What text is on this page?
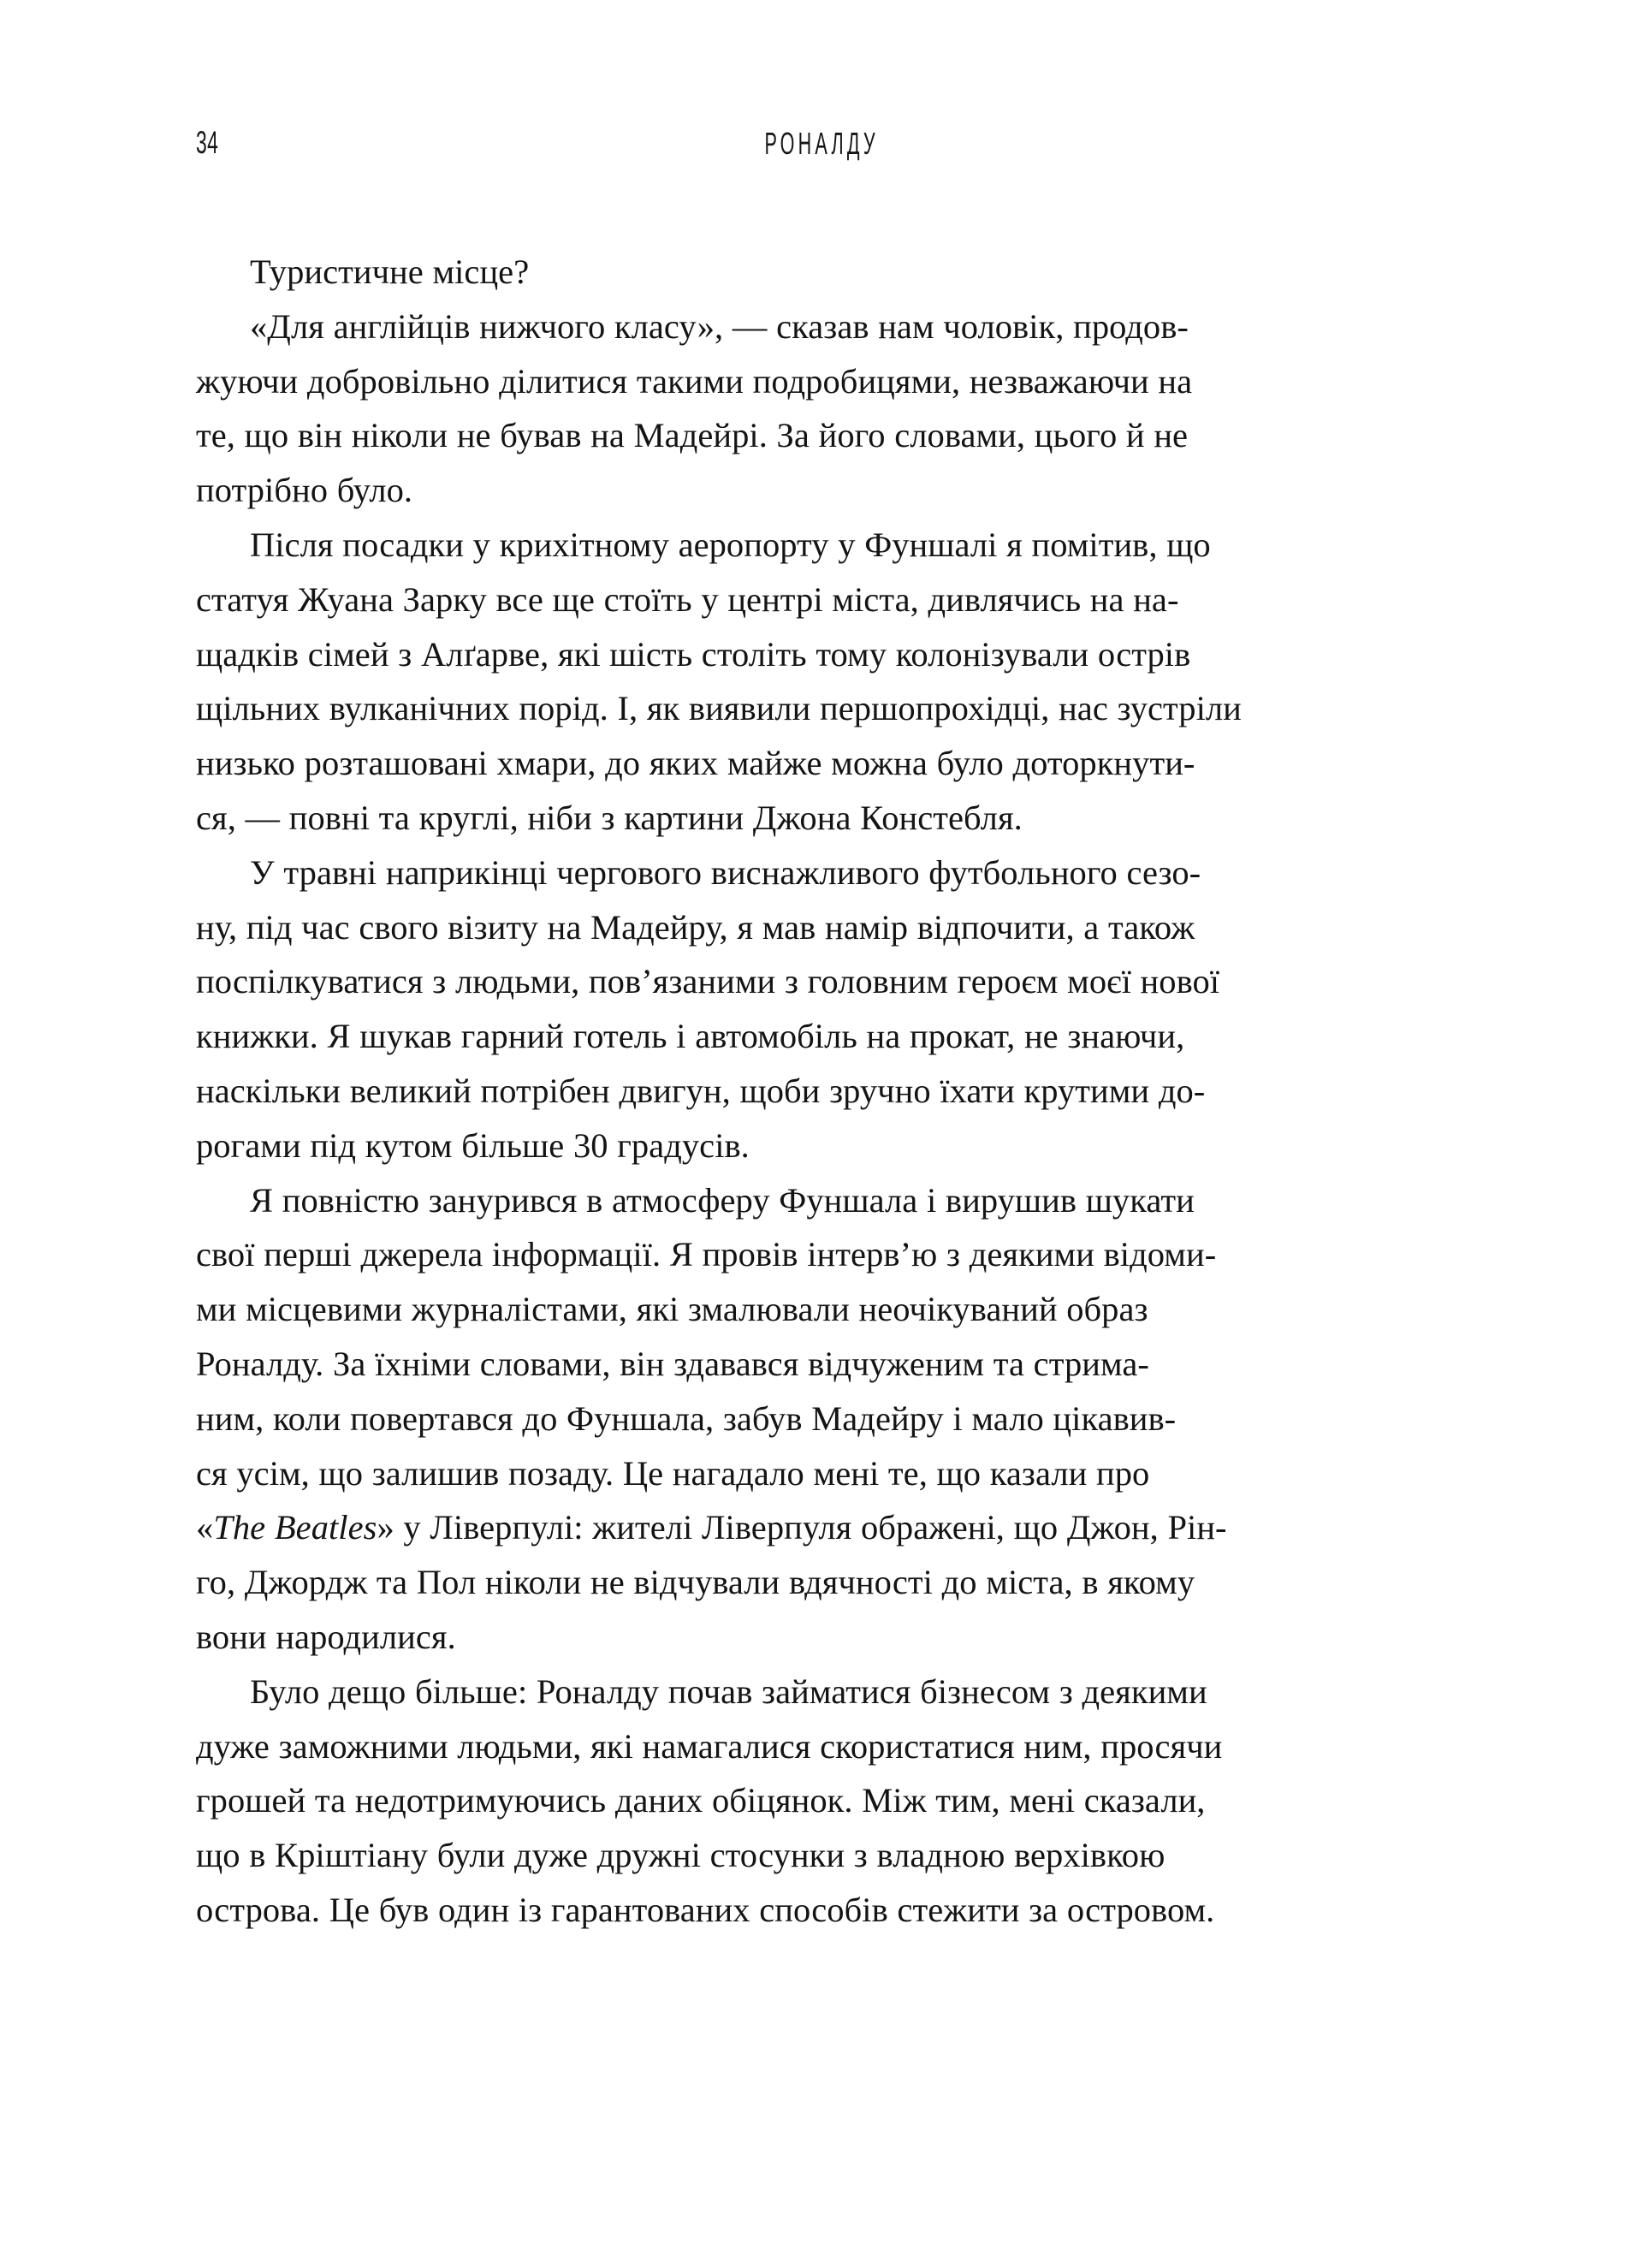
34	РОНАЛДУ

Туристичне місце?

«Для англійців нижчого класу», — сказав нам чоловік, продов-
жуючи добровільно ділитися такими подробицями, незважаючи на
те, що він ніколи не бував на Мадейрі. За його словами, цього й не
потрібно було.

Після посадки у крихітному аеропорту у Фуншалі я помітив, що
статуя Жуана Зарку все ще стоїть у центрі міста, дивлячись на на-
щадків сімей з Алґарве, які шість століть тому колонізували острів
щільних вулканічних порід. І, як виявили першопрохідці, нас зустріли
низько розташовані хмари, до яких майже можна було доторкнути-
ся, — повні та круглі, ніби з картини Джона Констебля.

У травні наприкінці чергового виснажливого футбольного сезо-
ну, під час свого візиту на Мадейру, я мав намір відпочити, а також
поспілкуватися з людьми, пов’язаними з головним героєм моєї нової
книжки. Я шукав гарний готель і автомобіль на прокат, не знаючи,
наскільки великий потрібен двигун, щоби зручно їхати крутими до-
рогами під кутом більше 30 градусів.

Я повністю занурився в атмосферу Фуншала і вирушив шукати
свої перші джерела інформації. Я провів інтерв’ю з деякими відоми-
ми місцевими журналістами, які змалювали неочікуваний образ
Роналду. За їхніми словами, він здавався відчуженим та стрима-
ним, коли повертався до Фуншала, забув Мадейру і мало цікавив-
ся усім, що залишив позаду. Це нагадало мені те, що казали про
«The Beatles» у Ліверпулі: жителі Ліверпуля ображені, що Джон, Рін-
го, Джордж та Пол ніколи не відчували вдячності до міста, в якому
вони народилися.

Було дещо більше: Роналду почав займатися бізнесом з деякими
дуже заможними людьми, які намагалися скористатися ним, просячи
грошей та недотримуючись даних обіцянок. Між тим, мені сказали,
що в Кріштіану були дуже дружні стосунки з владною верхівкою
острова. Це був один із гарантованих способів стежити за островом.
